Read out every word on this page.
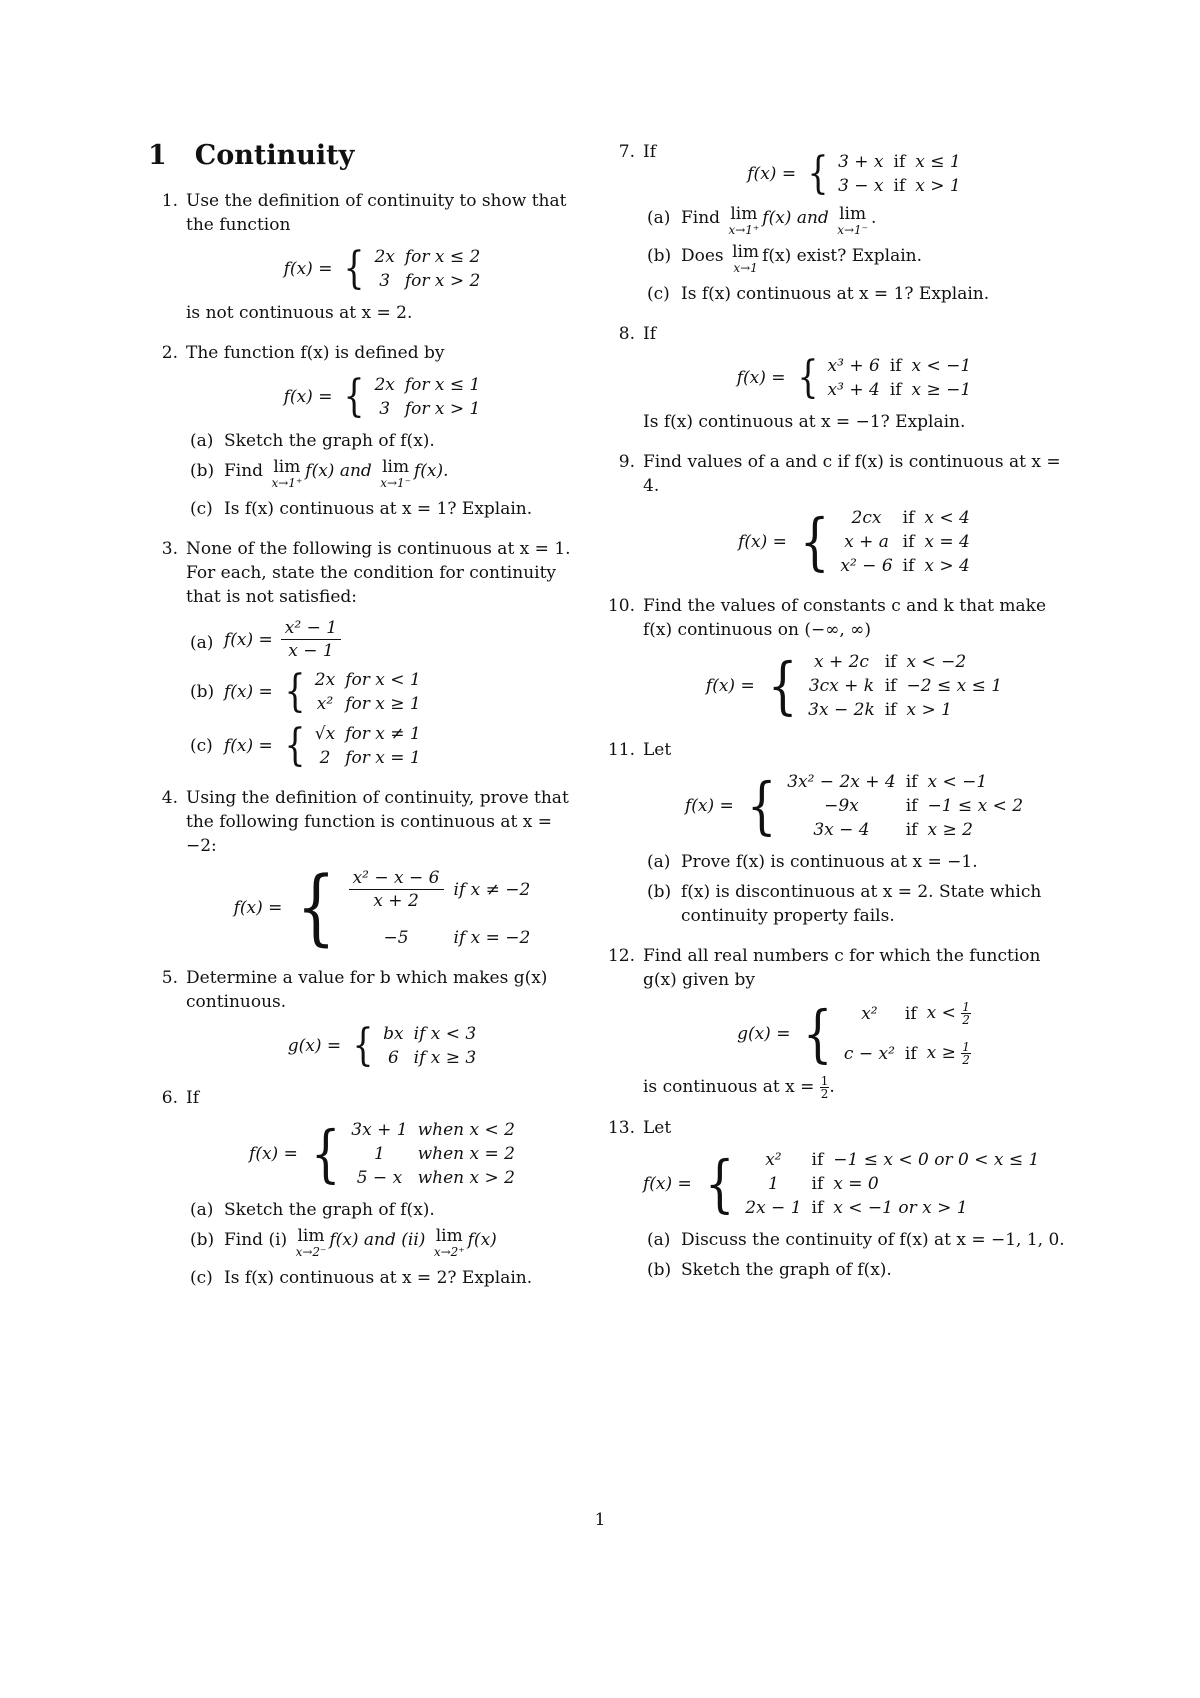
1 Continuity
1. Use the definition of continuity to show that the function

f(x) = { 2x	for x ≤ 2
3	for x > 2

is not continuous at x = 2.

2. The function f(x) is defined by

f(x) = { 2x	for x ≤ 1
3	for x > 1
(a) Sketch the graph of f(x).
(b) Find lim
x→1⁺
f(x) and lim
x→1⁻
f(x).
(c) Is f(x) continuous at x = 1? Explain.
3. None of the following is continuous at x = 1. For each, state the condition for continuity that is not satisfied:

(a) $f(x) = \frac{\text{x² − 1}}{x - 1}$
(b) f(x) = { 2x	for x < 1
x²	for x ≥ 1
(c) f(x) = { √x	for x ≠ 1
2	for x = 1
4. Using the definition of continuity, prove that the following function is continuous at x = −2:

f(x) = { $\frac{\text{x² − x − 6}}{x + 2}$	if x ≠ −2
−5	if x = −2
5. Determine a value for b which makes g(x) continuous.

g(x) = { bx	if x < 3
6	if x ≥ 3
6. If

f(x) = { 3x + 1	when x < 2
1	when x = 2
5 − x	when x > 2
(a) Sketch the graph of f(x).
(b) Find (i) lim
x→2⁻
f(x) and (ii) lim
x→2⁺
f(x)
(c) Is f(x) continuous at x = 2? Explain.
7. If

f(x) = { 3 + x	if	x ≤ 1
3 − x	if	x > 1
(a) Find lim
x→1⁺
f(x) and lim
x→1⁻
.
(b) Does lim
x→1
f(x) exist? Explain.
(c) Is f(x) continuous at x = 1? Explain.
8. If

f(x) = { x³ + 6	if	x < −1
x³ + 4	if	x ≥ −1

Is f(x) continuous at x = −1? Explain.

9. Find values of a and c if f(x) is continuous at x = 4.

f(x) = { 2cx	if	x < 4
x + a	if	x = 4
x² − 6	if	x > 4
10. Find the values of constants c and k that make f(x) continuous on (−∞, ∞)

f(x) = { x + 2c	if	x < −2
3cx + k	if	−2 ≤ x ≤ 1
3x − 2k	if	x > 1
11. Let

f(x) = { 3x² − 2x + 4	if	x < −1
−9x	if	−1 ≤ x < 2
3x − 4	if	x ≥ 2
(a) Prove f(x) is continuous at x = −1.
(b) f(x) is discontinuous at x = 2. State which continuity property fails.
12. Find all real numbers c for which the function g(x) given by

g(x) = { x²	if	$x < \frac{1}{2}$

c − x²	if	$x \ge \frac{1}{2}$

is continuous at $x = \frac{1}{2}$ .

13. Let

f(x) = { x²	if	−1 ≤ x < 0 or 0 < x ≤ 1
1	if	x = 0
2x − 1	if	x < −1 or x > 1
(a) Discuss the continuity of f(x) at x = −1, 1, 0.
(b) Sketch the graph of f(x).
1
